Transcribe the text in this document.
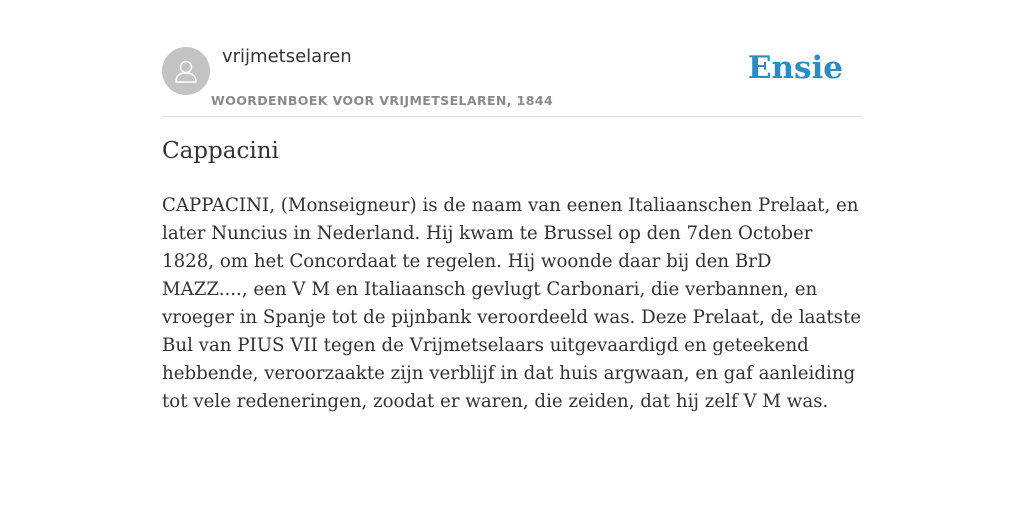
vrijmetselaren
WOORDENBOEK VOOR VRIJMETSELAREN, 1844
Ensie
Cappacini

CAPPACINI, (Monseigneur) is de naam van eenen Italiaanschen Prelaat, en later Nuncius in Nederland. Hij kwam te Brussel op den 7den October 1828, om het Concordaat te regelen. Hij woonde daar bij den BrD MAZZ...., een V M en Italiaansch gevlugt Carbonari, die verbannen, en vroeger in Spanje tot de pijnbank veroordeeld was. Deze Prelaat, de laatste Bul van PIUS VII tegen de Vrijmetselaars uitgevaardigd en geteekend hebbende, veroorzaakte zijn verblijf in dat huis argwaan, en gaf aanleiding tot vele redeneringen, zoodat er waren, die zeiden, dat hij zelf V M was.
